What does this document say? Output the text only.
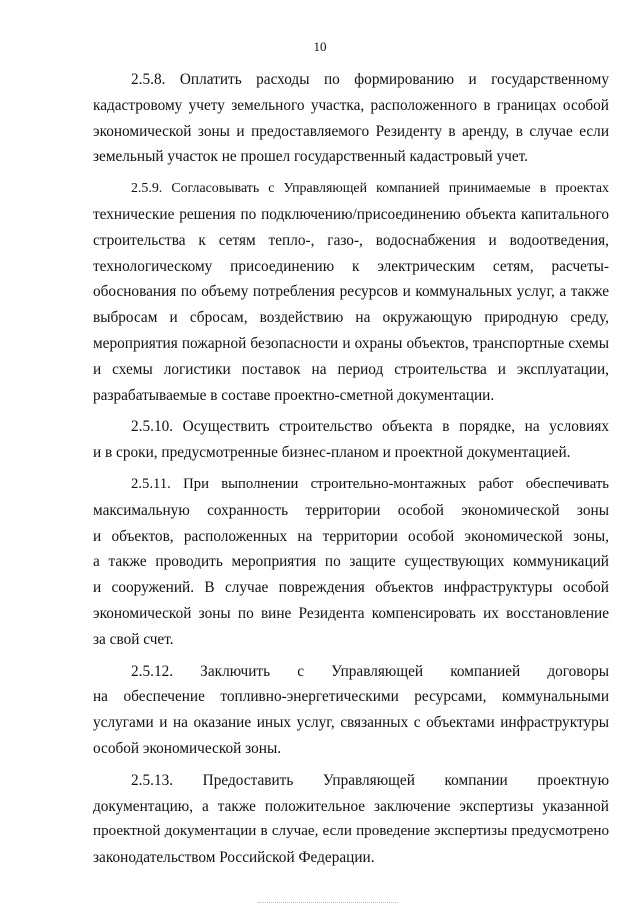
10
2.5.8. Оплатить расходы по формированию и государственному
кадастровому учету земельного участка, расположенного в границах особой
экономической зоны и предоставляемого Резиденту в аренду, в случае если
земельный участок не прошел государственный кадастровый учет.
2.5.9. Согласовывать с Управляющей компанией принимаемые в проектах
технические решения по подключению/присоединению объекта капитального
строительства к сетям тепло-, газо-, водоснабжения и водоотведения,
технологическому присоединению к электрическим сетям, расчеты-
обоснования по объему потребления ресурсов и коммунальных услуг, а также
выбросам и сбросам, воздействию на окружающую природную среду,
мероприятия пожарной безопасности и охраны объектов, транспортные схемы
и схемы логистики поставок на период строительства и эксплуатации,
разрабатываемые в составе проектно-сметной документации.
2.5.10. Осуществить строительство объекта в порядке, на условиях
и в сроки, предусмотренные бизнес-планом и проектной документацией.
2.5.11. При выполнении строительно-монтажных работ обеспечивать
максимальную сохранность территории особой экономической зоны
и объектов, расположенных на территории особой экономической зоны,
а также проводить мероприятия по защите существующих коммуникаций
и сооружений. В случае повреждения объектов инфраструктуры особой
экономической зоны по вине Резидента компенсировать их восстановление
за свой счет.
2.5.12. Заключить с Управляющей компанией договоры
на обеспечение топливно-энергетическими ресурсами, коммунальными
услугами и на оказание иных услуг, связанных с объектами инфраструктуры
особой экономической зоны.
2.5.13. Предоставить Управляющей компании проектную
документацию, а также положительное заключение экспертизы указанной
проектной документации в случае, если проведение экспертизы предусмотрено
законодательством Российской Федерации.
